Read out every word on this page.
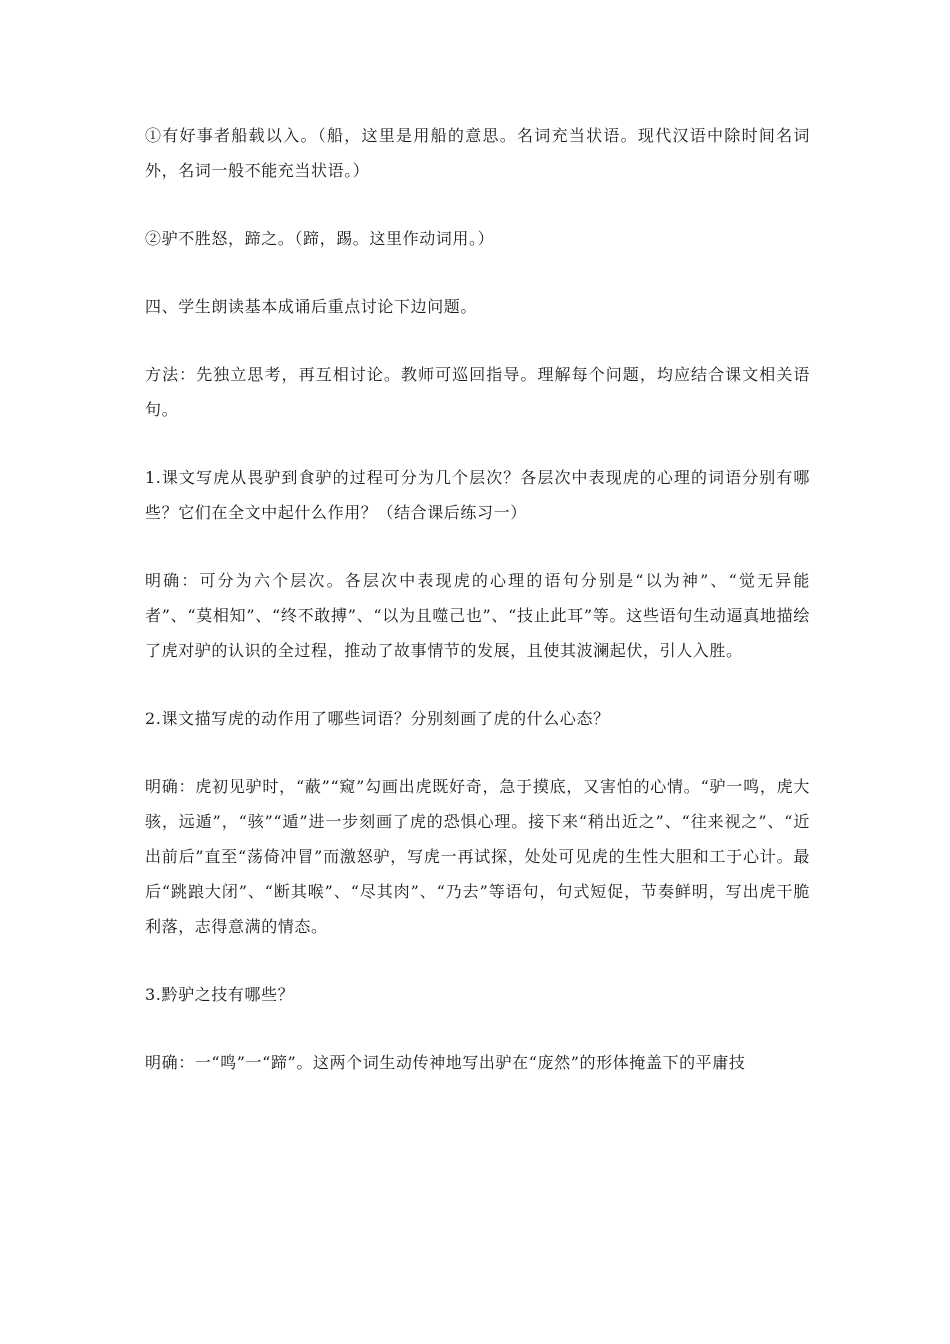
①有好事者船载以入。（船，这里是用船的意思。名词充当状语。现代汉语中除时间名词外，名词一般不能充当状语。）

②驴不胜怒，蹄之。（蹄，踢。这里作动词用。）

四、学生朗读基本成诵后重点讨论下边问题。

方法：先独立思考，再互相讨论。教师可巡回指导。理解每个问题，均应结合课文相关语句。

1.课文写虎从畏驴到食驴的过程可分为几个层次？各层次中表现虎的心理的词语分别有哪些？它们在全文中起什么作用？（结合课后练习一）

明确：可分为六个层次。各层次中表现虎的心理的语句分别是“以为神”、“觉无异能者”、“莫相知”、“终不敢搏”、“以为且噬己也”、“技止此耳”等。这些语句生动逼真地描绘了虎对驴的认识的全过程，推动了故事情节的发展，且使其波澜起伏，引人入胜。

2.课文描写虎的动作用了哪些词语？分别刻画了虎的什么心态？

明确：虎初见驴时，“蔽”“窥”勾画出虎既好奇，急于摸底，又害怕的心情。“驴一鸣，虎大骇，远遁”，“骇”“遁”进一步刻画了虎的恐惧心理。接下来“稍出近之”、“往来视之”、“近出前后”直至“荡倚冲冒”而激怒驴，写虎一再试探，处处可见虎的生性大胆和工于心计。最后“跳踉大闭”、“断其喉”、“尽其肉”、“乃去”等语句，句式短促，节奏鲜明，写出虎干脆利落，志得意满的情态。

3.黔驴之技有哪些？

明确：一“鸣”一“蹄”。这两个词生动传神地写出驴在“庞然”的形体掩盖下的平庸技
